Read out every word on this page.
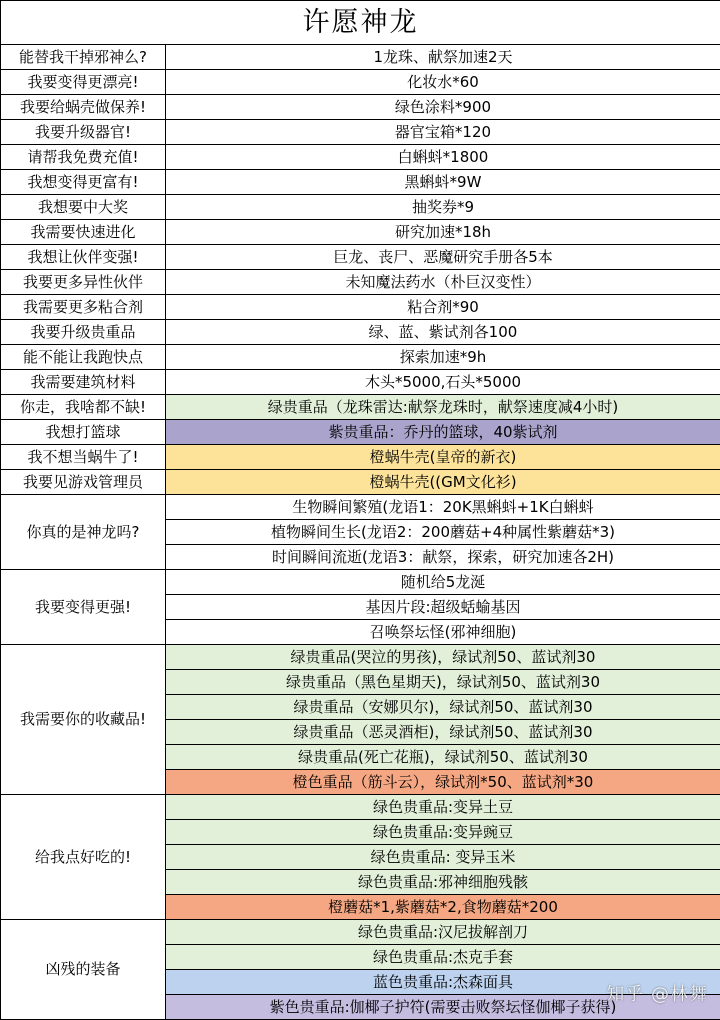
许愿神龙	
能替我干掉邪神么?	1龙珠、献祭加速2天
我要变得更漂亮!	化妆水*60
我要给蜗壳做保养!	绿色涂料*900
我要升级器官!	器官宝箱*120
请帮我免费充值!	白蝌蚪*1800
我想变得更富有!	黑蝌蚪*9W
我想要中大奖	抽奖券*9
我需要快速进化	研究加速*18h
我想让伙伴变强!	巨龙、丧尸、恶魔研究手册各5本
我要更多异性伙伴	未知魔法药水（朴巨汉变性）
我需要更多粘合剂	粘合剂*90
我要升级贵重品	绿、蓝、紫试剂各100
能不能让我跑快点	探索加速*9h
我需要建筑材料	木头*5000,石头*5000
你走，我啥都不缺!	绿贵重品（龙珠雷达:献祭龙珠时，献祭速度减4小时)
我想打篮球	紫贵重品：乔丹的篮球，40紫试剂
我不想当蜗牛了!	橙蜗牛壳(皇帝的新衣)
我要见游戏管理员	橙蜗牛壳((GM文化衫)
你真的是神龙吗?	生物瞬间繁殖(龙语1：20K黑蝌蚪+1K白蝌蚪
	植物瞬间生长(龙语2：200蘑菇+4种属性紫蘑菇*3)
	时间瞬间流逝(龙语3：献祭，探索，研究加速各2H)
我要变得更强!	随机给5龙涎
	基因片段:超级蛞蝓基因
	召唤祭坛怪(邪神细胞)
我需要你的收藏品!	绿贵重品(哭泣的男孩)，绿试剂50、蓝试剂30
	绿贵重品（黑色星期天)，绿试剂50、蓝试剂30
	绿贵重品（安娜贝尔)，绿试剂50、蓝试剂30
	绿贵重品（恶灵酒柜)，绿试剂50、蓝试剂30
	绿贵重品(死亡花瓶)，绿试剂50、蓝试剂30
	橙色重品（筋斗云），绿试剂*50、蓝试剂*30
给我点好吃的!	绿色贵重品:变异土豆
	绿色贵重品:变异豌豆
	绿色贵重品: 变异玉米
	绿色贵重品:邪神细胞残骸
	橙蘑菇*1,紫蘑菇*2,食物蘑菇*200
凶残的装备	绿色贵重品:汉尼拔解剖刀
	绿色贵重品:杰克手套
	蓝色贵重品:杰森面具
	紫色贵重品:伽椰子护符(需要击败祭坛怪伽椰子获得)
知乎 @林舞
